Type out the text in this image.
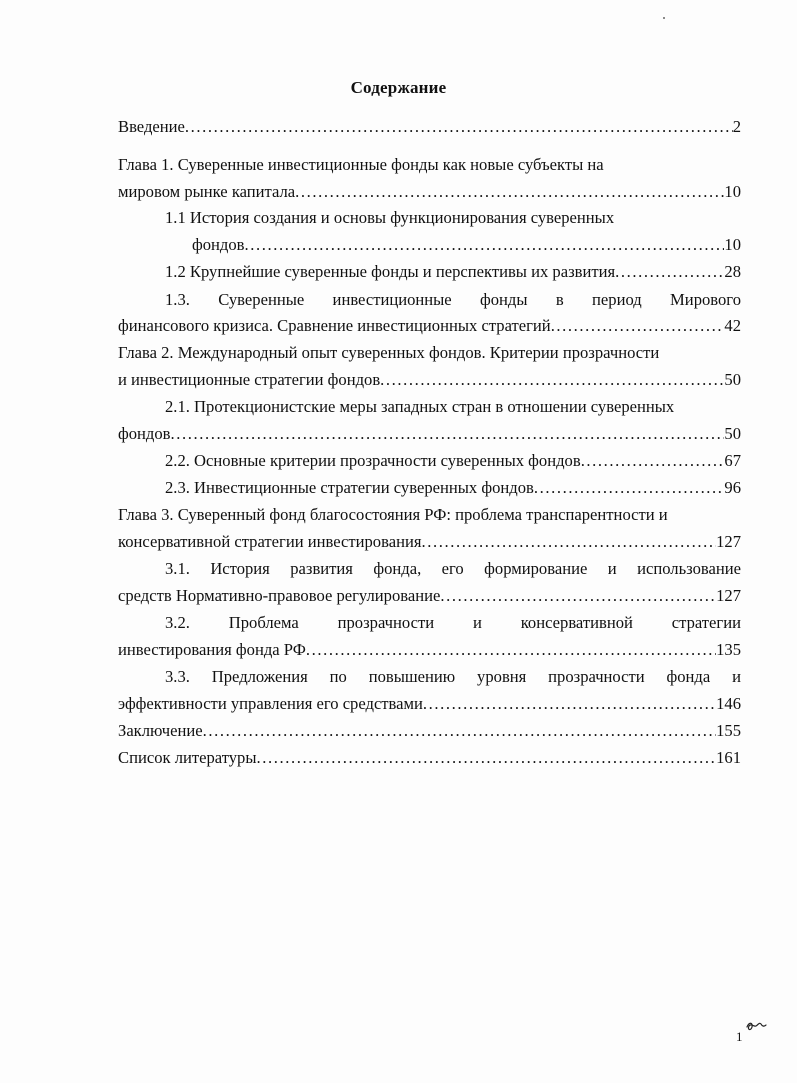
Содержание
Введение .....	2
Глава 1. Суверенные инвестиционные фонды как новые субъекты на
мировом рынке капитала .....	10
1.1 История создания и основы функционирования суверенных
фондов .....	10
1.2 Крупнейшие суверенные фонды и перспективы их развития .....	28
1.3. Суверенные инвестиционные фонды в период Мирового
финансового кризиса. Сравнение инвестиционных стратегий .....	42
Глава 2. Международный опыт суверенных фондов. Критерии прозрачности
и инвестиционные стратегии фондов .....	50
2.1. Протекционистские меры западных стран в отношении суверенных
фондов .....	50
2.2. Основные критерии прозрачности суверенных фондов .....	67
2.3. Инвестиционные стратегии суверенных фондов .....	96
Глава 3. Суверенный фонд благосостояния РФ: проблема транспарентности и
консервативной стратегии инвестирования .....	127
3.1. История развития фонда, его формирование и использование
средств Нормативно-правовое регулирование .....	127
3.2. Проблема прозрачности и консервативной стратегии
инвестирования фонда РФ .....	135
3.3. Предложения по повышению уровня прозрачности фонда и
эффективности управления его средствами .....	146
Заключение .....	155
Список литературы .....	161
1
